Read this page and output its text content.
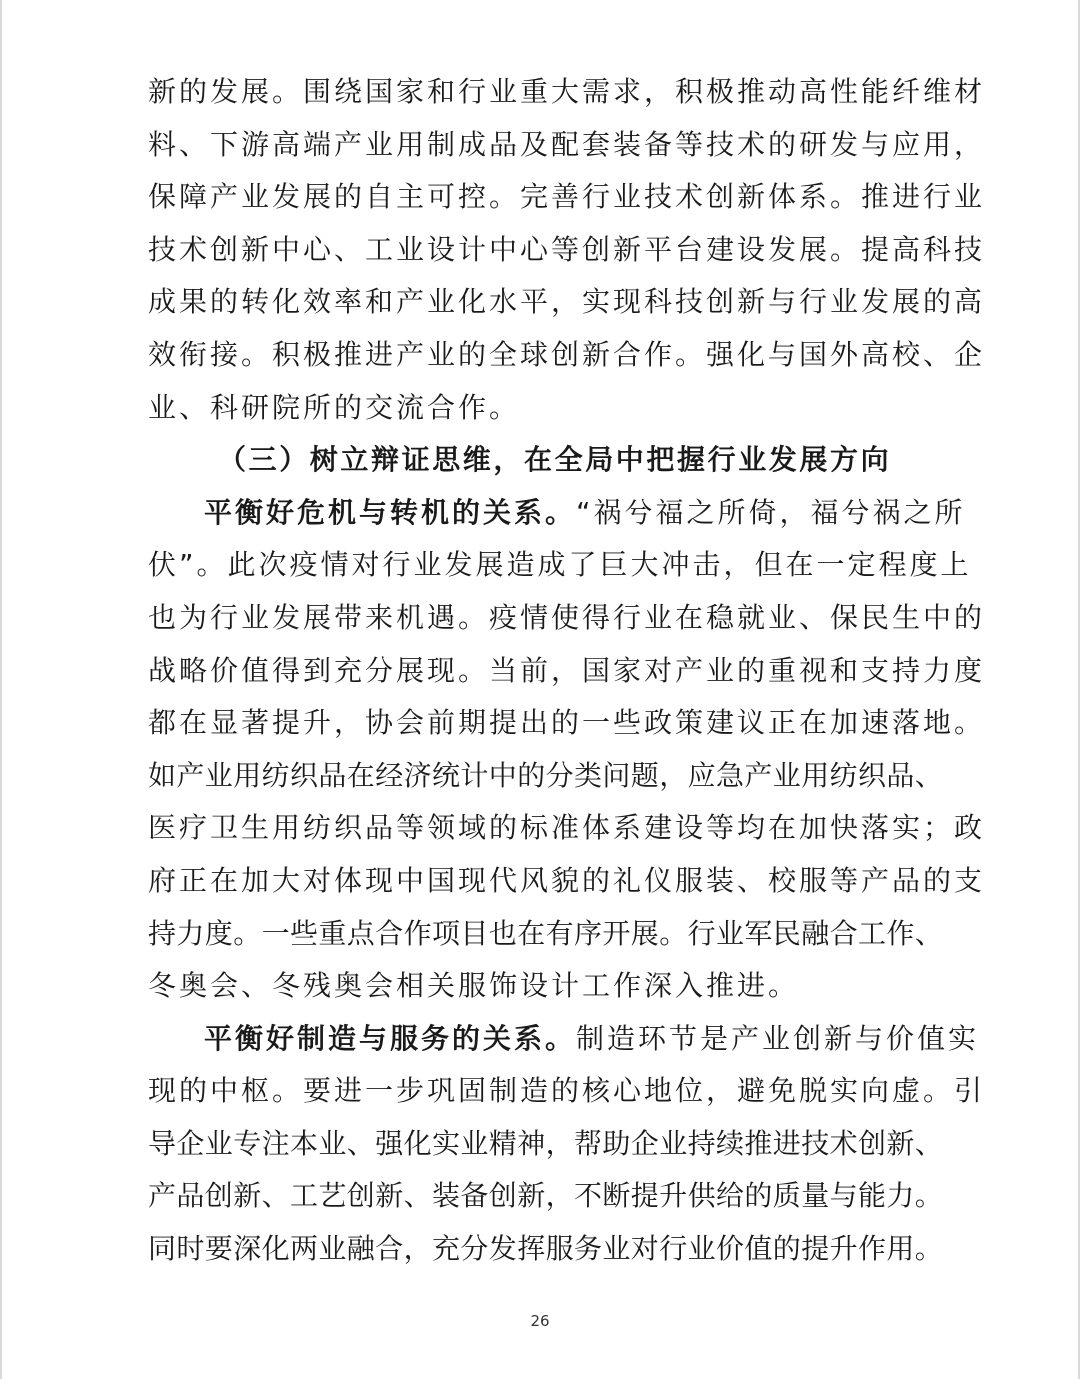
新的发展。围绕国家和行业重大需求，积极推动高性能纤维材
料、下游高端产业用制成品及配套装备等技术的研发与应用，
保障产业发展的自主可控。完善行业技术创新体系。推进行业
技术创新中心、工业设计中心等创新平台建设发展。提高科技
成果的转化效率和产业化水平，实现科技创新与行业发展的高
效衔接。积极推进产业的全球创新合作。强化与国外高校、企
业、科研院所的交流合作。
（三）树立辩证思维，在全局中把握行业发展方向
平衡好危机与转机的关系。“祸兮福之所倚，福兮祸之所
伏”。此次疫情对行业发展造成了巨大冲击，但在一定程度上
也为行业发展带来机遇。疫情使得行业在稳就业、保民生中的
战略价值得到充分展现。当前，国家对产业的重视和支持力度
都在显著提升，协会前期提出的一些政策建议正在加速落地。
如产业用纺织品在经济统计中的分类问题，应急产业用纺织品、
医疗卫生用纺织品等领域的标准体系建设等均在加快落实；政
府正在加大对体现中国现代风貌的礼仪服装、校服等产品的支
持力度。一些重点合作项目也在有序开展。行业军民融合工作、
冬奥会、冬残奥会相关服饰设计工作深入推进。
平衡好制造与服务的关系。制造环节是产业创新与价值实
现的中枢。要进一步巩固制造的核心地位，避免脱实向虚。引
导企业专注本业、强化实业精神，帮助企业持续推进技术创新、
产品创新、工艺创新、装备创新，不断提升供给的质量与能力。
同时要深化两业融合，充分发挥服务业对行业价值的提升作用。
26
